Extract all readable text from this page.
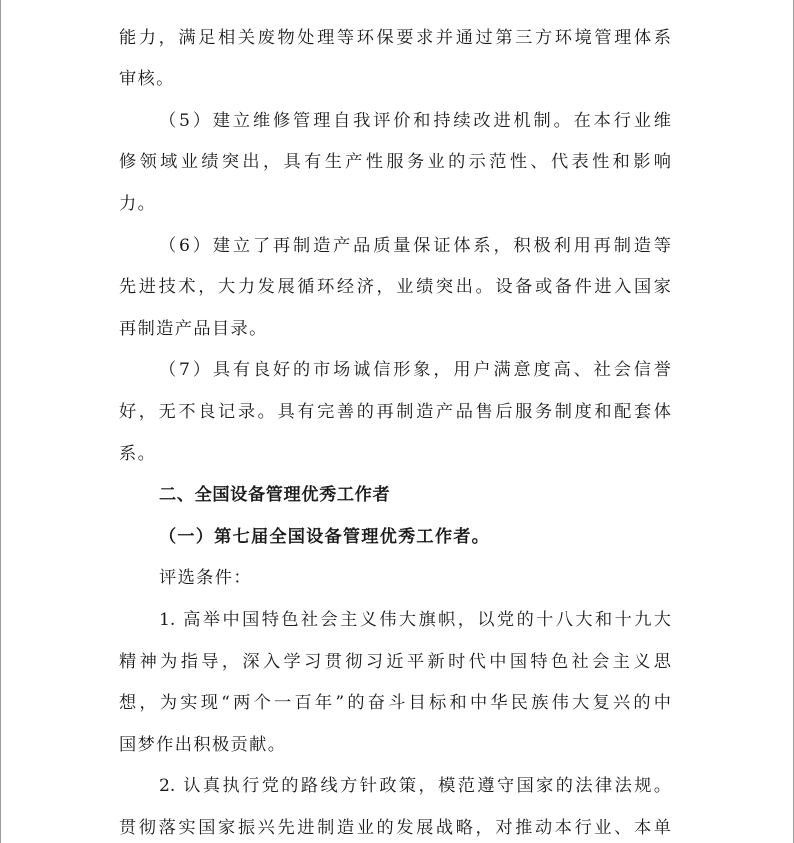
能力，满足相关废物处理等环保要求并通过第三方环境管理体系
审核。
（5）建立维修管理自我评价和持续改进机制。在本行业维
修领域业绩突出，具有生产性服务业的示范性、代表性和影响
力。
（6）建立了再制造产品质量保证体系，积极利用再制造等
先进技术，大力发展循环经济，业绩突出。设备或备件进入国家
再制造产品目录。
（7）具有良好的市场诚信形象，用户满意度高、社会信誉
好，无不良记录。具有完善的再制造产品售后服务制度和配套体
系。
二、全国设备管理优秀工作者
（一）第七届全国设备管理优秀工作者。
评选条件：
1. 高举中国特色社会主义伟大旗帜，以党的十八大和十九大
精神为指导，深入学习贯彻习近平新时代中国特色社会主义思
想，为实现“两个一百年”的奋斗目标和中华民族伟大复兴的中
国梦作出积极贡献。
2. 认真执行党的路线方针政策，模范遵守国家的法律法规。
贯彻落实国家振兴先进制造业的发展战略，对推动本行业、本单
